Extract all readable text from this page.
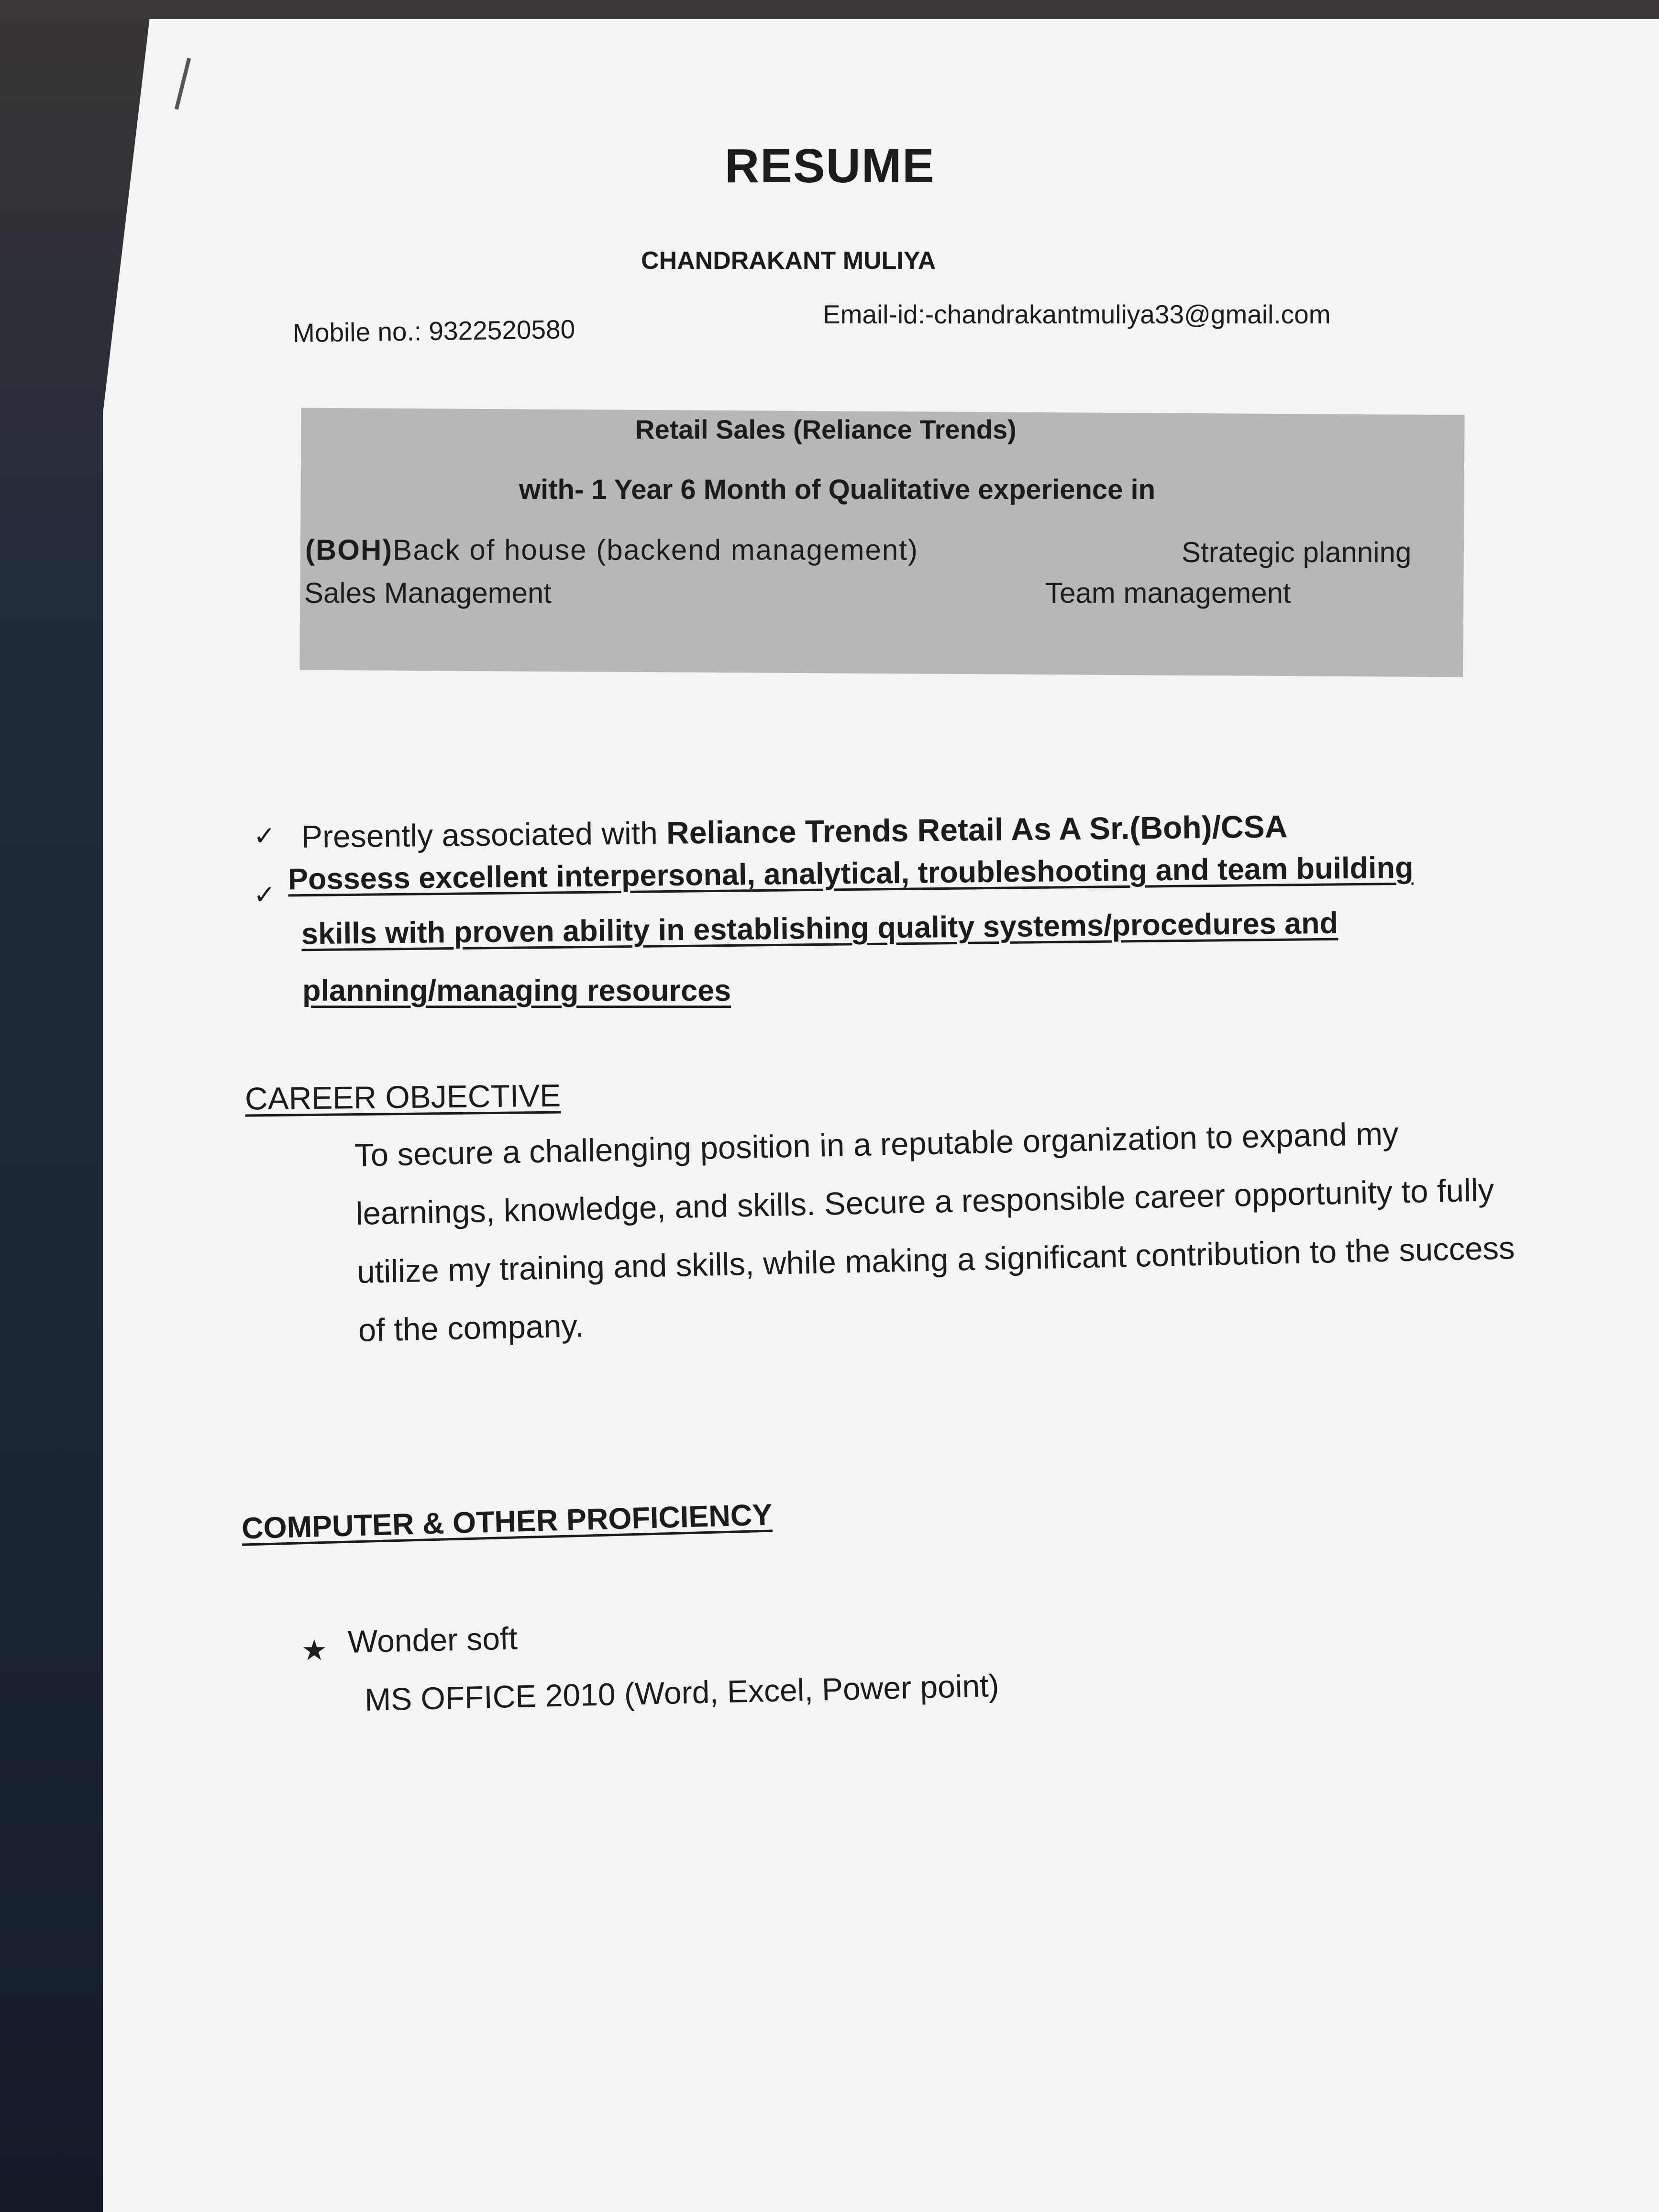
RESUME
CHANDRAKANT MULIYA
Mobile no.: 9322520580	Email-id:-chandrakantmuliya33@gmail.com
Retail Sales (Reliance Trends)
with- 1 Year 6 Month of Qualitative experience in
(BOH)Back of house (backend management)	Strategic planning
Sales Management	Team management
✓ Presently associated with Reliance Trends Retail As A Sr.(Boh)/CSA
✓ Possess excellent interpersonal, analytical, troubleshooting and team building
skills with proven ability in establishing quality systems/procedures and
planning/managing resources
CAREER OBJECTIVE
To secure a challenging position in a reputable organization to expand my learnings, knowledge, and skills. Secure a responsible career opportunity to fully utilize my training and skills, while making a significant contribution to the success of the company.
COMPUTER & OTHER PROFICIENCY
★ Wonder soft
MS OFFICE 2010 (Word, Excel, Power point)
